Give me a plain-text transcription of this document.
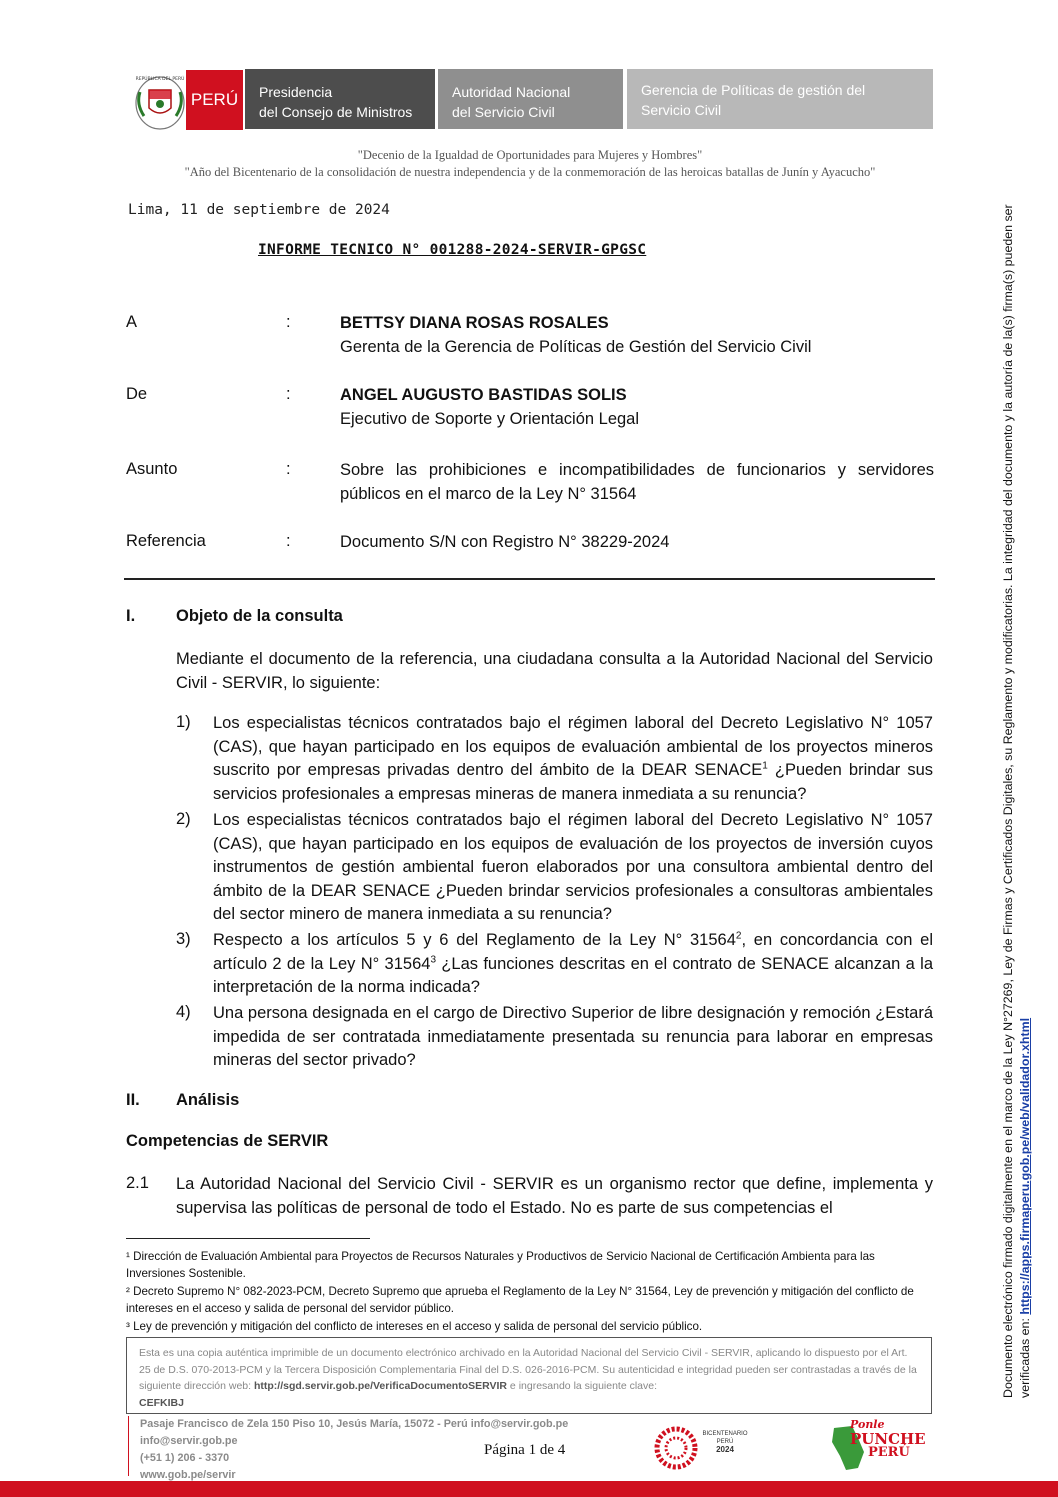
REPÚBLICA DEL PERÚ
PERÚ	Presidencia
del Consejo de Ministros
Autoridad Nacional
del Servicio Civil
Gerencia de Políticas de gestión del
Servicio Civil
"Decenio de la Igualdad de Oportunidades para Mujeres y Hombres"
"Año del Bicentenario de la consolidación de nuestra independencia y de la conmemoración de las heroicas batallas de Junín y Ayacucho"
Lima, 11 de septiembre de 2024
INFORME TECNICO N° 001288-2024-SERVIR-GPGSC
A	:	BETTSY DIANA ROSAS ROSALES
Gerenta de la Gerencia de Políticas de Gestión del Servicio Civil
De	:	ANGEL AUGUSTO BASTIDAS SOLIS
Ejecutivo de Soporte y Orientación Legal
Asunto	:	Sobre las prohibiciones e incompatibilidades de funcionarios y servidores públicos en el marco de la Ley N° 31564
Referencia	:	Documento S/N con Registro N° 38229-2024
I. Objeto de la consulta
Mediante el documento de la referencia, una ciudadana consulta a la Autoridad Nacional del Servicio Civil - SERVIR, lo siguiente:
1) Los especialistas técnicos contratados bajo el régimen laboral del Decreto Legislativo N° 1057 (CAS), que hayan participado en los equipos de evaluación ambiental de los proyectos mineros suscrito por empresas privadas dentro del ámbito de la DEAR SENACE$^1$ ¿Pueden brindar sus servicios profesionales a empresas mineras de manera inmediata a su renuncia?
2) Los especialistas técnicos contratados bajo el régimen laboral del Decreto Legislativo N° 1057 (CAS), que hayan participado en los equipos de evaluación de los proyectos de inversión cuyos instrumentos de gestión ambiental fueron elaborados por una consultora ambiental dentro del ámbito de la DEAR SENACE ¿Pueden brindar servicios profesionales a consultoras ambientales del sector minero de manera inmediata a su renuncia?
3) Respecto a los artículos 5 y 6 del Reglamento de la Ley N° 31564$^2$, en concordancia con el artículo 2 de la Ley N° 31564$^3$ ¿Las funciones descritas en el contrato de SENACE alcanzan a la interpretación de la norma indicada?
4) Una persona designada en el cargo de Directivo Superior de libre designación y remoción ¿Estará impedida de ser contratada inmediatamente presentada su renuncia para laborar en empresas mineras del sector privado?
II. Análisis
Competencias de SERVIR
2.1 La Autoridad Nacional del Servicio Civil - SERVIR es un organismo rector que define, implementa y supervisa las políticas de personal de todo el Estado. No es parte de sus competencias el
¹ Dirección de Evaluación Ambiental para Proyectos de Recursos Naturales y Productivos de Servicio Nacional de Certificación Ambienta para las Inversiones Sostenible.
² Decreto Supremo N° 082-2023-PCM, Decreto Supremo que aprueba el Reglamento de la Ley N° 31564, Ley de prevención y mitigación del conflicto de intereses en el acceso y salida de personal del servidor público.
³ Ley de prevención y mitigación del conflicto de intereses en el acceso y salida de personal del servicio público.
Esta es una copia auténtica imprimible de un documento electrónico archivado en la Autoridad Nacional del Servicio Civil - SERVIR, aplicando lo dispuesto por el Art. 25 de D.S. 070-2013-PCM y la Tercera Disposición Complementaria Final del D.S. 026-2016-PCM. Su autenticidad e integridad pueden ser contrastadas a través de la siguiente dirección web: http://sgd.servir.gob.pe/VerificaDocumentoSERVIR e ingresando la siguiente clave:
CEFKIBJ
Pasaje Francisco de Zela 150 Piso 10, Jesús María, 15072 - Perú info@servir.gob.pe
info@servir.gob.pe
(+51 1) 206 - 3370
www.gob.pe/servir
Página 1 de 4
BICENTENARIO
PERÚ
2024
Ponle
PUNCHE
PERÚ
Documento electrónico firmado digitalmente en el marco de la Ley N°27269, Ley de Firmas y Certificados Digitales, su Reglamento y modificatorias. La integridad del documento y la autoría de la(s) firma(s) pueden ser verificadas en: https://apps.firmaperu.gob.pe/web/validador.xhtml
